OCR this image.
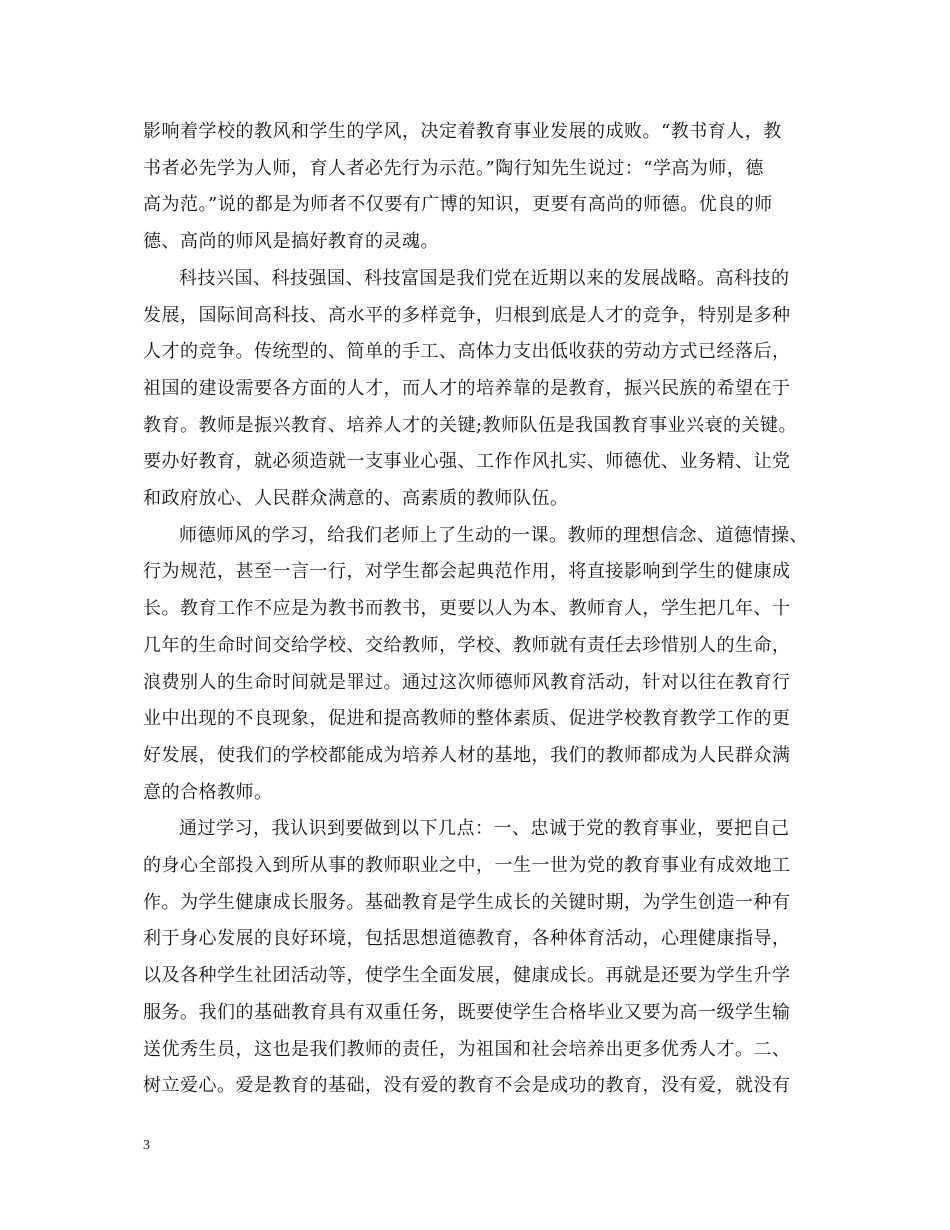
影响着学校的教风和学生的学风，决定着教育事业发展的成败。“教书育人，教
书者必先学为人师，育人者必先行为示范。”陶行知先生说过：“学高为师，德
高为范。”说的都是为师者不仅要有广博的知识，更要有高尚的师德。优良的师
德、高尚的师风是搞好教育的灵魂。

科技兴国、科技强国、科技富国是我们党在近期以来的发展战略。高科技的
发展，国际间高科技、高水平的多样竞争，归根到底是人才的竞争，特别是多种
人才的竞争。传统型的、简单的手工、高体力支出低收获的劳动方式已经落后，
祖国的建设需要各方面的人才，而人才的培养靠的是教育，振兴民族的希望在于
教育。教师是振兴教育、培养人才的关键;教师队伍是我国教育事业兴衰的关键。
要办好教育，就必须造就一支事业心强、工作作风扎实、师德优、业务精、让党
和政府放心、人民群众满意的、高素质的教师队伍。

师德师风的学习，给我们老师上了生动的一课。教师的理想信念、道德情操、
行为规范，甚至一言一行，对学生都会起典范作用，将直接影响到学生的健康成
长。教育工作不应是为教书而教书，更要以人为本、教师育人，学生把几年、十
几年的生命时间交给学校、交给教师，学校、教师就有责任去珍惜别人的生命，
浪费别人的生命时间就是罪过。通过这次师德师风教育活动，针对以往在教育行
业中出现的不良现象，促进和提高教师的整体素质、促进学校教育教学工作的更
好发展，使我们的学校都能成为培养人材的基地，我们的教师都成为人民群众满
意的合格教师。

通过学习，我认识到要做到以下几点：一、忠诚于党的教育事业，要把自己
的身心全部投入到所从事的教师职业之中，一生一世为党的教育事业有成效地工
作。为学生健康成长服务。基础教育是学生成长的关键时期，为学生创造一种有
利于身心发展的良好环境，包括思想道德教育，各种体育活动，心理健康指导，
以及各种学生社团活动等，使学生全面发展，健康成长。再就是还要为学生升学
服务。我们的基础教育具有双重任务，既要使学生合格毕业又要为高一级学生输
送优秀生员，这也是我们教师的责任，为祖国和社会培养出更多优秀人才。二、
树立爱心。爱是教育的基础，没有爱的教育不会是成功的教育，没有爱，就没有

3
